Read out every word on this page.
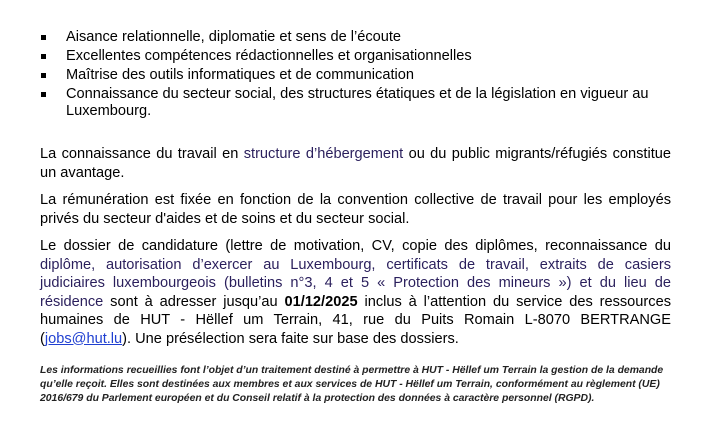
Aisance relationnelle, diplomatie et sens de l’écoute
Excellentes compétences rédactionnelles et organisationnelles
Maîtrise des outils informatiques et de communication
Connaissance du secteur social, des structures étatiques et de la législation en vigueur au Luxembourg.

La connaissance du travail en structure d’hébergement ou du public migrants/réfugiés constitue un avantage.

La rémunération est fixée en fonction de la convention collective de travail pour les employés privés du secteur d'aides et de soins et du secteur social.

Le dossier de candidature (lettre de motivation, CV, copie des diplômes, reconnaissance du diplôme, autorisation d’exercer au Luxembourg, certificats de travail, extraits de casiers judiciaires luxembourgeois (bulletins n°3, 4 et 5 « Protection des mineurs ») et du lieu de résidence sont à adresser jusqu’au 01/12/2025 inclus à l’attention du service des ressources humaines de HUT - Hëllef um Terrain, 41, rue du Puits Romain L-8070 BERTRANGE (jobs@hut.lu). Une présélection sera faite sur base des dossiers.

Les informations recueillies font l’objet d’un traitement destiné à permettre à HUT - Hëllef um Terrain la gestion de la demande qu’elle reçoit. Elles sont destinées aux membres et aux services de HUT - Hëllef um Terrain, conformément au règlement (UE) 2016/679 du Parlement européen et du Conseil relatif à la protection des données à caractère personnel (RGPD).
